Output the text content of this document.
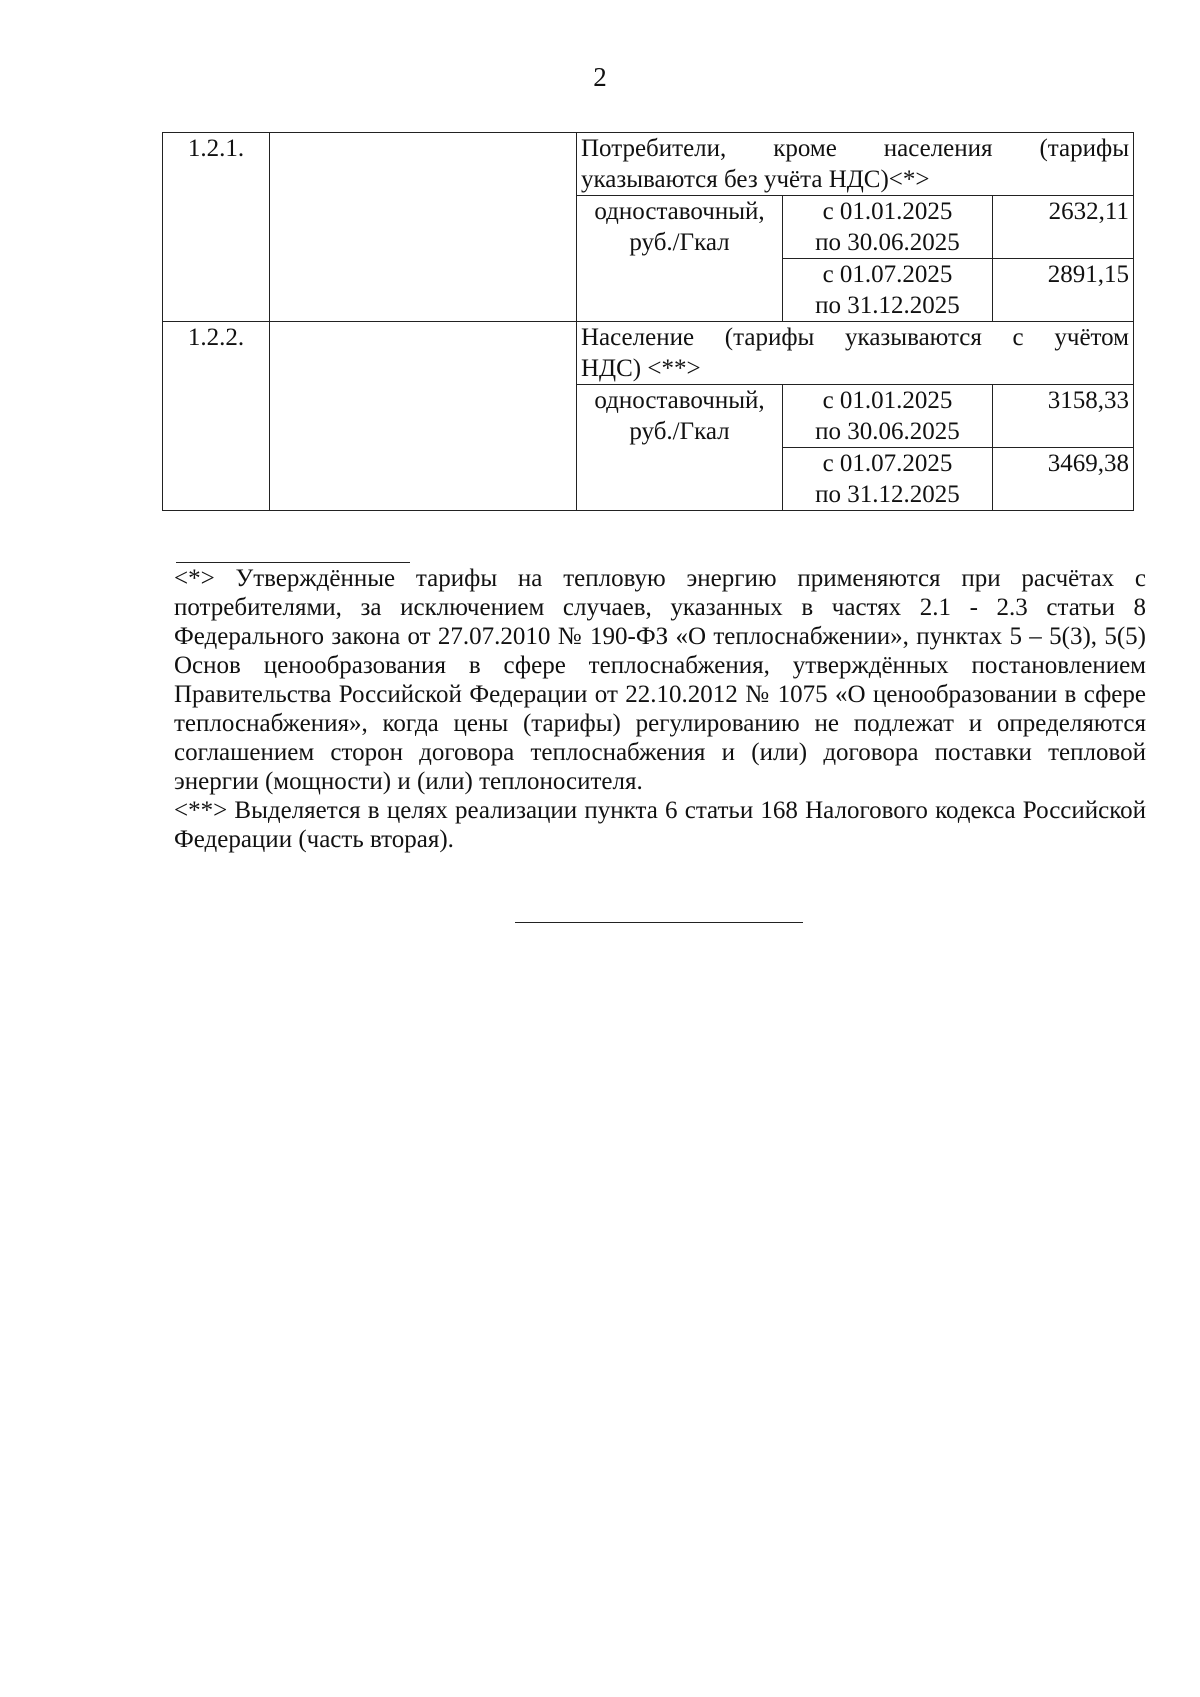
2
1.2.1.		Потребители, кроме населения (тарифы
указываются без учёта НДС)<*>		

		одноставочный, руб./Гкал	с 01.01.2025
по 30.06.2025	2632,11

			с 01.07.2025
по 31.12.2025	2891,15
1.2.2.		Население (тарифы указываются с учётом
НДС) <**>		

		одноставочный, руб./Гкал	с 01.01.2025
по 30.06.2025	3158,33

			с 01.07.2025
по 31.12.2025	3469,38

<*> Утверждённые тарифы на тепловую энергию применяются при расчётах с потребителями, за исключением случаев, указанных в частях 2.1 - 2.3 статьи 8 Федерального закона от 27.07.2010 № 190-ФЗ «О теплоснабжении», пунктах 5 – 5(3), 5(5) Основ ценообразования в сфере теплоснабжения, утверждённых постановлением Правительства Российской Федерации от 22.10.2012 № 1075 «О ценообразовании в сфере теплоснабжения», когда цены (тарифы) регулированию не подлежат и определяются соглашением сторон договора теплоснабжения и (или) договора поставки тепловой энергии (мощности) и (или) теплоносителя.

<**> Выделяется в целях реализации пункта 6 статьи 168 Налогового кодекса Российской Федерации (часть вторая).
